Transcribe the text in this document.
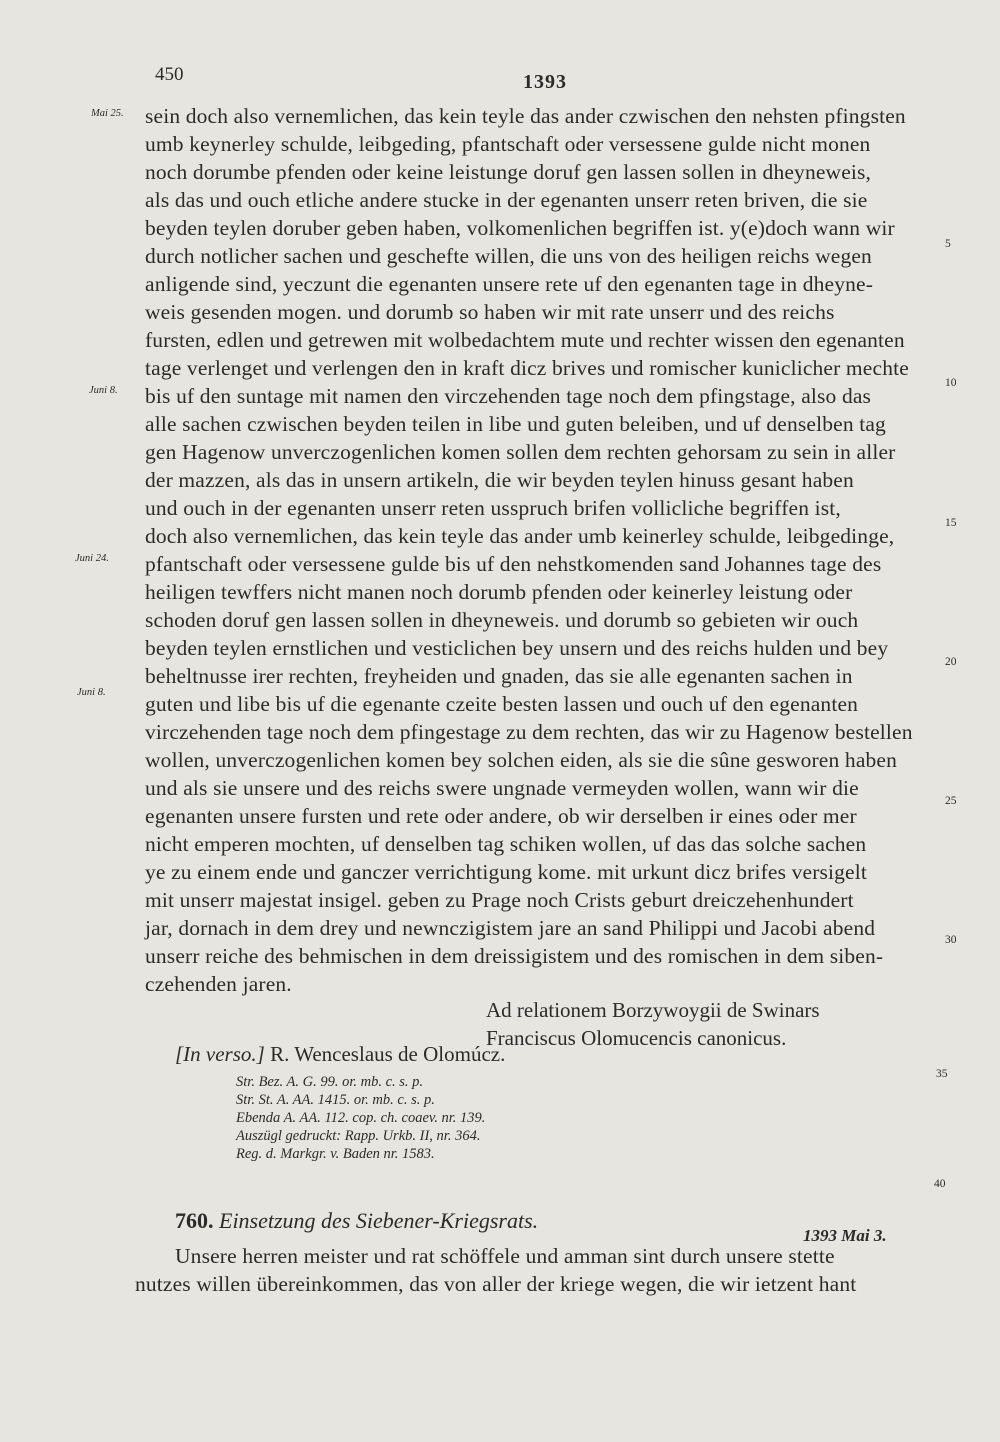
450	1393
Mai 25.
Juni 8.
Juni 24.
Juni 8.
sein doch also vernemlichen, das kein teyle das ander czwischen den nehsten pfingsten
umb keynerley schulde, leibgeding, pfantschaft oder versessene gulde nicht monen
noch dorumbe pfenden oder keine leistunge doruf gen lassen sollen in dheyneweis,
als das und ouch etliche andere stucke in der egenanten unserr reten briven, die sie
beyden teylen doruber geben haben, volkomenlichen begriffen ist. y(e)doch wann wir
durch notlicher sachen und geschefte willen, die uns von des heiligen reichs wegen
anligende sind, yeczunt die egenanten unsere rete uf den egenanten tage in dheyne-
weis gesenden mogen. und dorumb so haben wir mit rate unserr und des reichs
fursten, edlen und getrewen mit wolbedachtem mute und rechter wissen den egenanten
tage verlenget und verlengen den in kraft dicz brives und romischer kuniclicher mechte
bis uf den suntage mit namen den virczehenden tage noch dem pfingstage, also das
alle sachen czwischen beyden teilen in libe und guten beleiben, und uf denselben tag
gen Hagenow unverczogenlichen komen sollen dem rechten gehorsam zu sein in aller
der mazzen, als das in unsern artikeln, die wir beyden teylen hinuss gesant haben
und ouch in der egenanten unserr reten usspruch brifen vollicliche begriffen ist,
doch also vernemlichen, das kein teyle das ander umb keinerley schulde, leibgedinge,
pfantschaft oder versessene gulde bis uf den nehstkomenden sand Johannes tage des
heiligen tewffers nicht manen noch dorumb pfenden oder keinerley leistung oder
schoden doruf gen lassen sollen in dheyneweis. und dorumb so gebieten wir ouch
beyden teylen ernstlichen und vesticlichen bey unsern und des reichs hulden und bey
beheltnusse irer rechten, freyheiden und gnaden, das sie alle egenanten sachen in
guten und libe bis uf die egenante czeite besten lassen und ouch uf den egenanten
virczehenden tage noch dem pfingestage zu dem rechten, das wir zu Hagenow bestellen
wollen, unverczogenlichen komen bey solchen eiden, als sie die sûne gesworen haben
und als sie unsere und des reichs swere ungnade vermeyden wollen, wann wir die
egenanten unsere fursten und rete oder andere, ob wir derselben ir eines oder mer
nicht emperen mochten, uf denselben tag schiken wollen, uf das das solche sachen
ye zu einem ende und ganczer verrichtigung kome. mit urkunt dicz brifes versigelt
mit unserr majestat insigel. geben zu Prage noch Crists geburt dreiczehenhundert
jar, dornach in dem drey und newnczigistem jare an sand Philippi und Jacobi abend
unserr reiche des behmischen in dem dreissigistem und des romischen in dem siben-
czehenden jaren.
5
10
15
20
25
30
35
40
Ad relationem Borzywoygii de Swinars
Franciscus Olomucencis canonicus.
[In verso.] R. Wenceslaus de Olomúcz.
Str. Bez. A. G. 99. or. mb. c. s. p.
Str. St. A. AA. 1415. or. mb. c. s. p.
Ebenda A. AA. 112. cop. ch. coaev. nr. 139.
Auszügl gedruckt: Rapp. Urkb. II, nr. 364.
Reg. d. Markgr. v. Baden nr. 1583.
760. Einsetzung des Siebener-Kriegsrats.
1393 Mai 3.
Unsere herren meister und rat schöffele und amman sint durch unsere stette
nutzes willen übereinkommen, das von aller der kriege wegen, die wir ietzent hant
